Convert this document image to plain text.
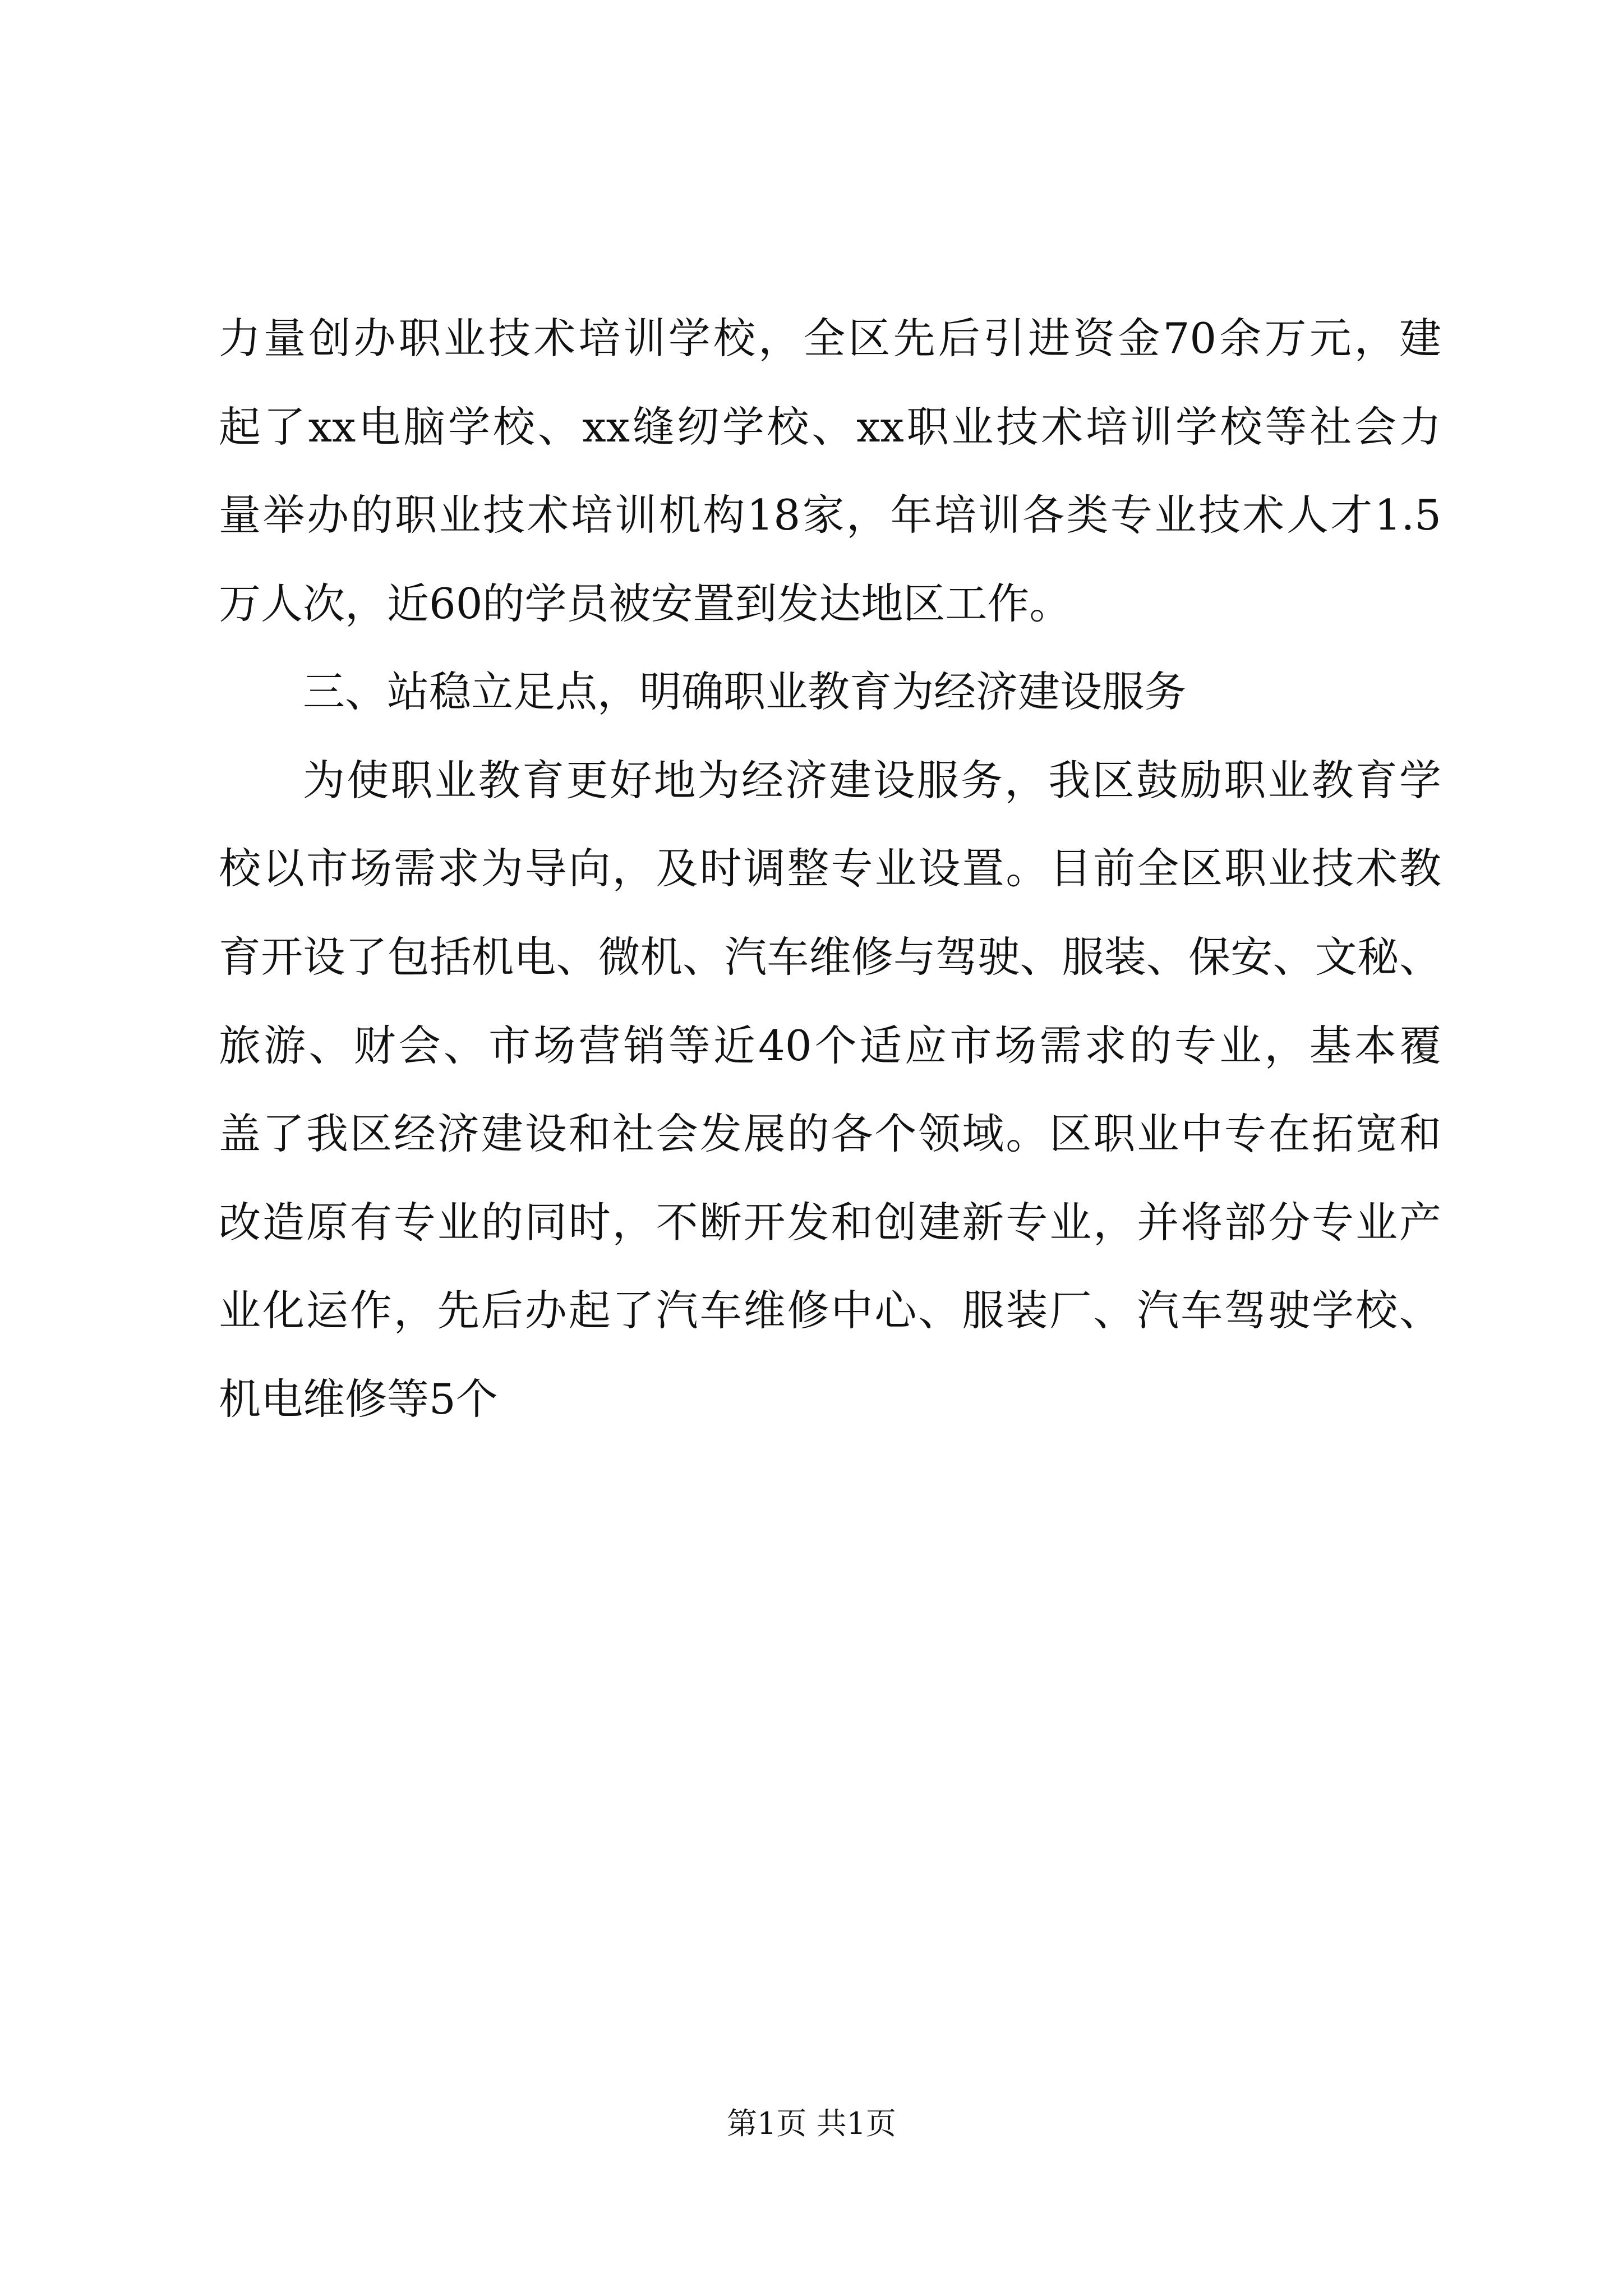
力量创办职业技术培训学校，全区先后引进资金70余万元，建
起了xx电脑学校、xx缝纫学校、xx职业技术培训学校等社会力
量举办的职业技术培训机构18家，年培训各类专业技术人才1.5
万人次，近60的学员被安置到发达地区工作。
三、站稳立足点，明确职业教育为经济建设服务
为使职业教育更好地为经济建设服务，我区鼓励职业教育学
校以市场需求为导向，及时调整专业设置。目前全区职业技术教
育开设了包括机电、微机、汽车维修与驾驶、服装、保安、文秘、
旅游、财会、市场营销等近40个适应市场需求的专业，基本覆
盖了我区经济建设和社会发展的各个领域。区职业中专在拓宽和
改造原有专业的同时，不断开发和创建新专业，并将部分专业产
业化运作，先后办起了汽车维修中心、服装厂、汽车驾驶学校、
机电维修等5个
第1页 共1页
